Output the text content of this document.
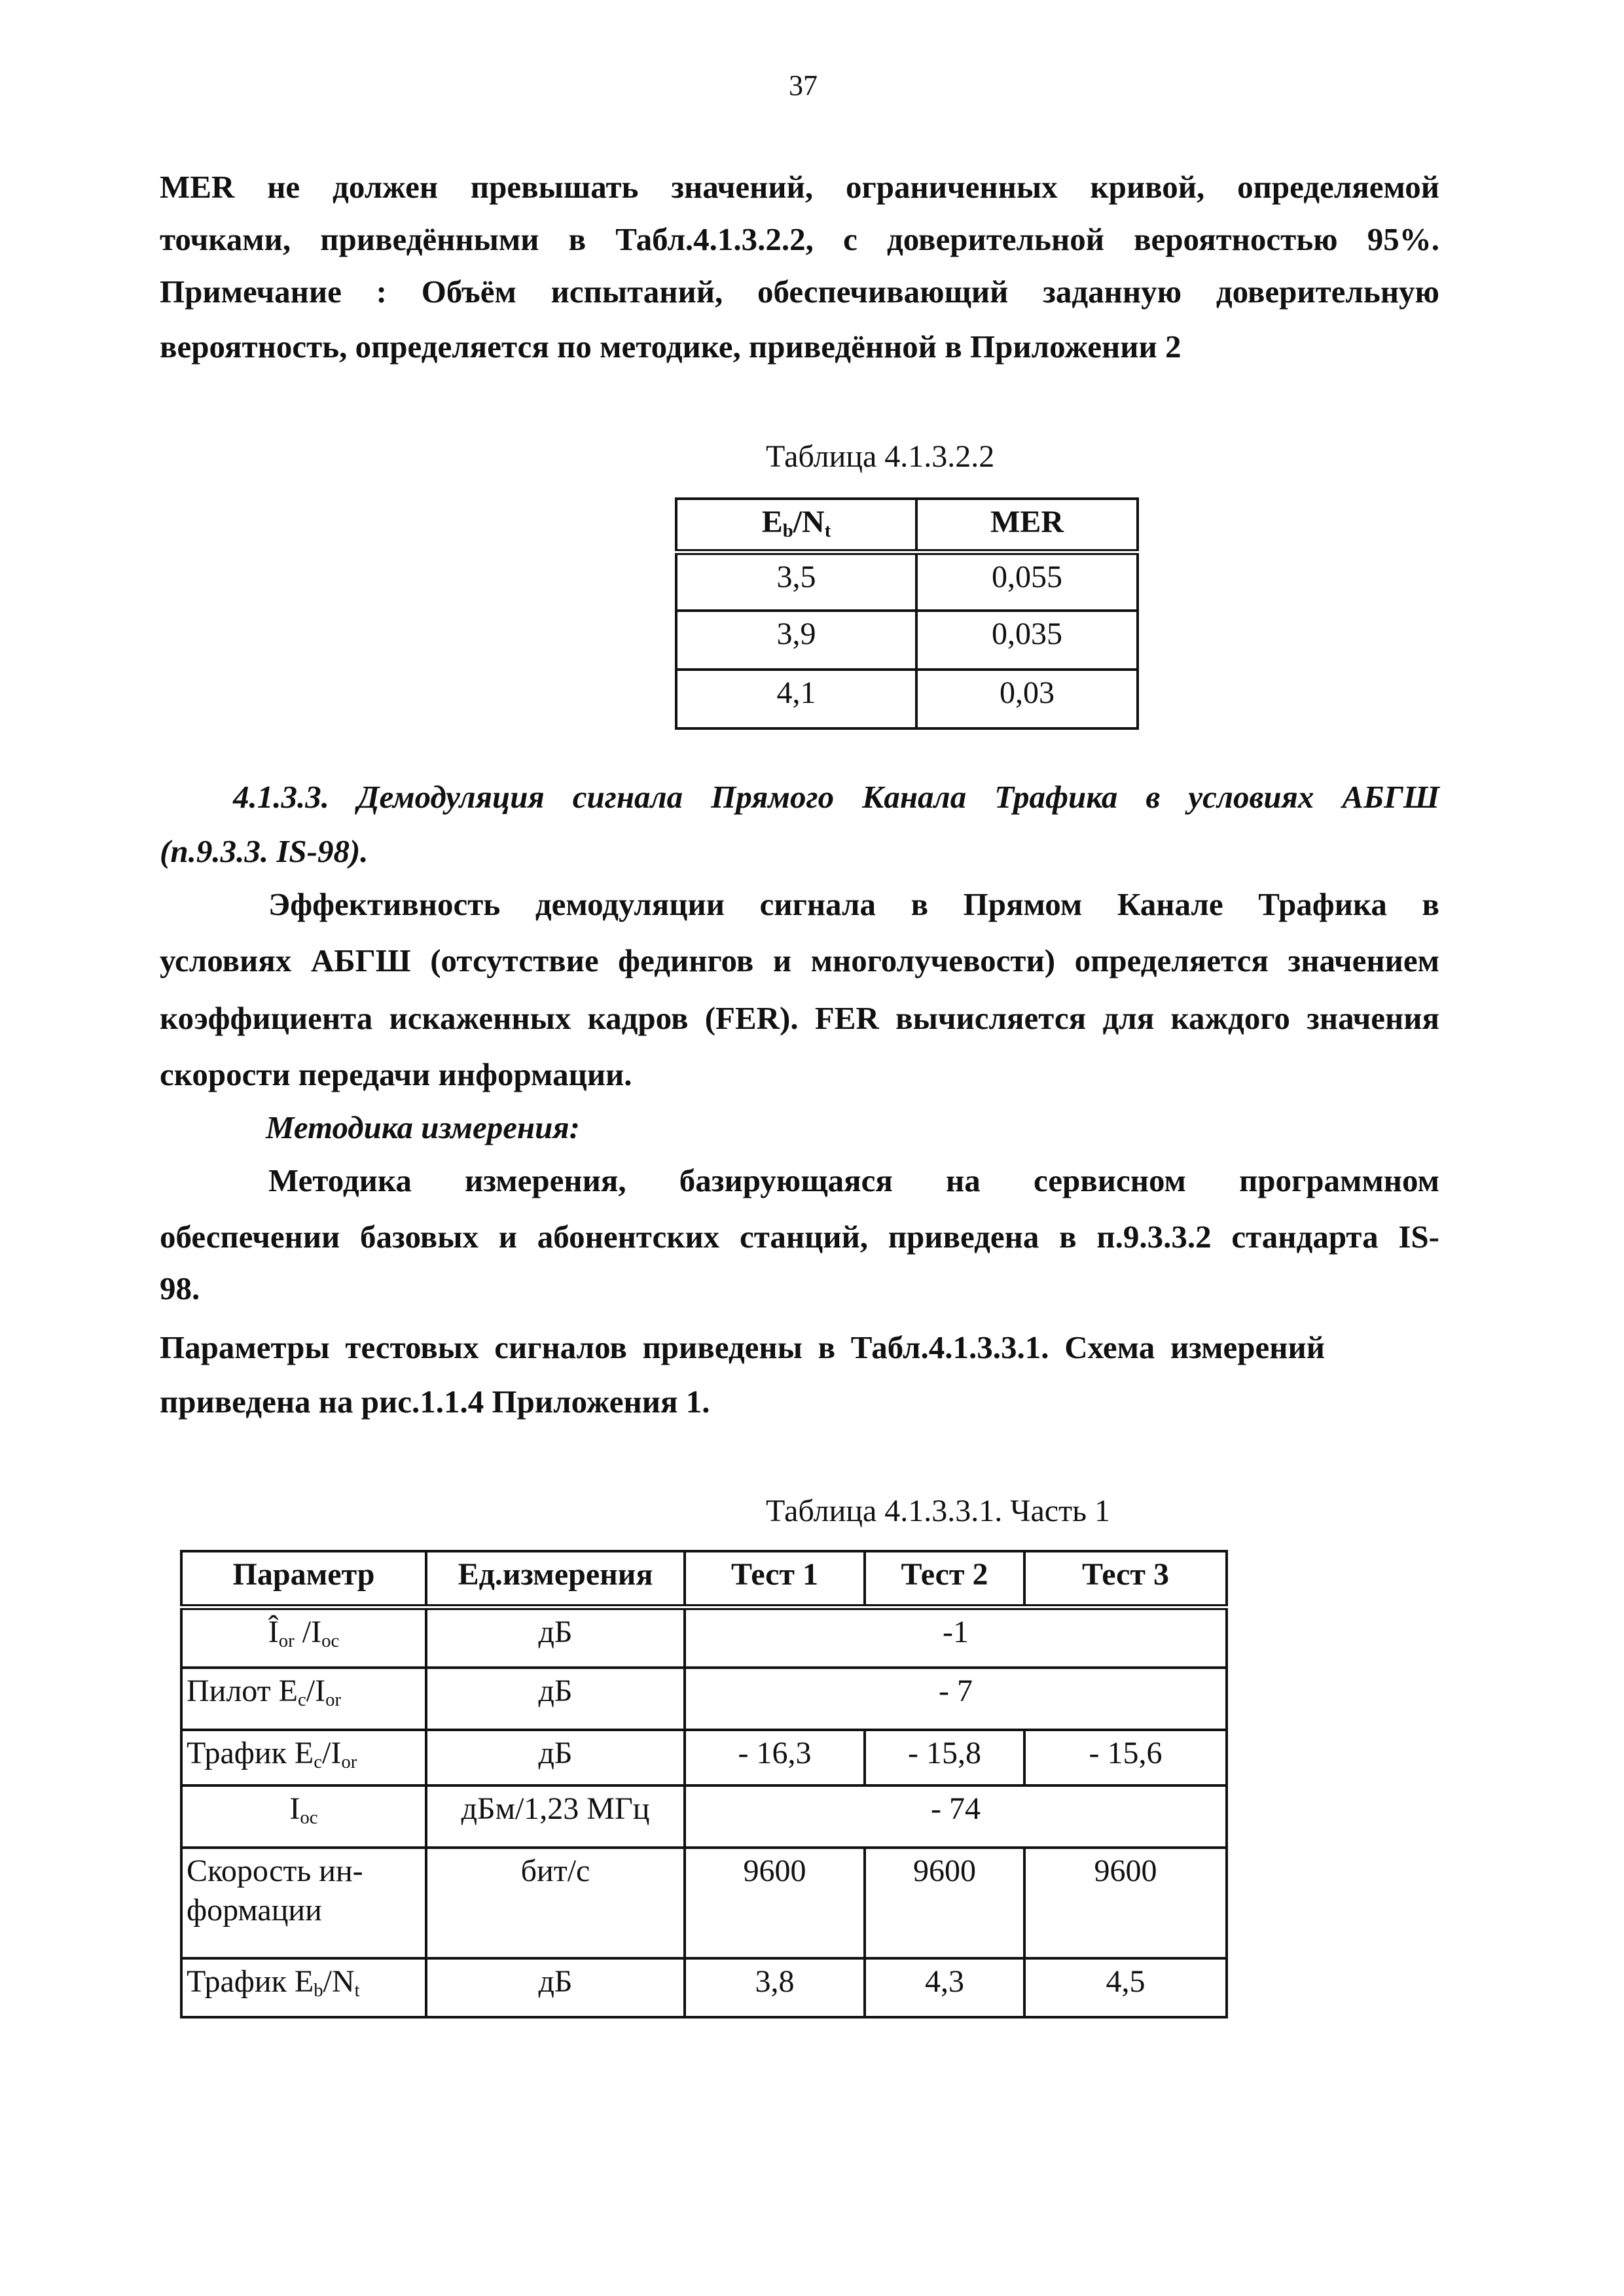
37
MER не должен превышать значений, ограниченных кривой, определяемой
точками, приведёнными в Табл.4.1.3.2.2, с доверительной вероятностью 95%.
Примечание : Объём испытаний, обеспечивающий заданную доверительную
вероятность, определяется по методике, приведённой в Приложении 2
Таблица 4.1.3.2.2
$E_b/N_t$	MER
3,5	0,055
3,9	0,035
4,1	0,03
4.1.3.3. Демодуляция сигнала Прямого Канала Трафика в условиях АБГШ
(п.9.3.3. IS-98).
Эффективность демодуляции сигнала в Прямом Канале Трафика в
условиях АБГШ (отсутствие федингов и многолучевости) определяется значением
коэффициента искаженных кадров (FER). FER вычисляется для каждого значения
скорости передачи информации.
Методика измерения:
Методика измерения, базирующаяся на сервисном программном
обеспечении базовых и абонентских станций, приведена в п.9.3.3.2 стандарта IS-
98.
Параметры тестовых сигналов приведены в Табл.4.1.3.3.1. Схема измерений
приведена на рис.1.1.4 Приложения 1.
Таблица 4.1.3.3.1. Часть 1
Параметр	Ед.измерения	Тест 1	Тест 2	Тест 3
$Î_{or}$ $/I_{oc}$	дБ	-1		
Пилот $E_c/I_{or}$	дБ	- 7		
Трафик $E_c/I_{or}$	дБ	- 16,3	- 15,8	- 15,6
$I_{oc}$	дБм/1,23 МГц	- 74		
Скорость ин-
формации	бит/с	9600	9600	9600
Трафик $E_b/N_t$	дБ	3,8	4,3	4,5
